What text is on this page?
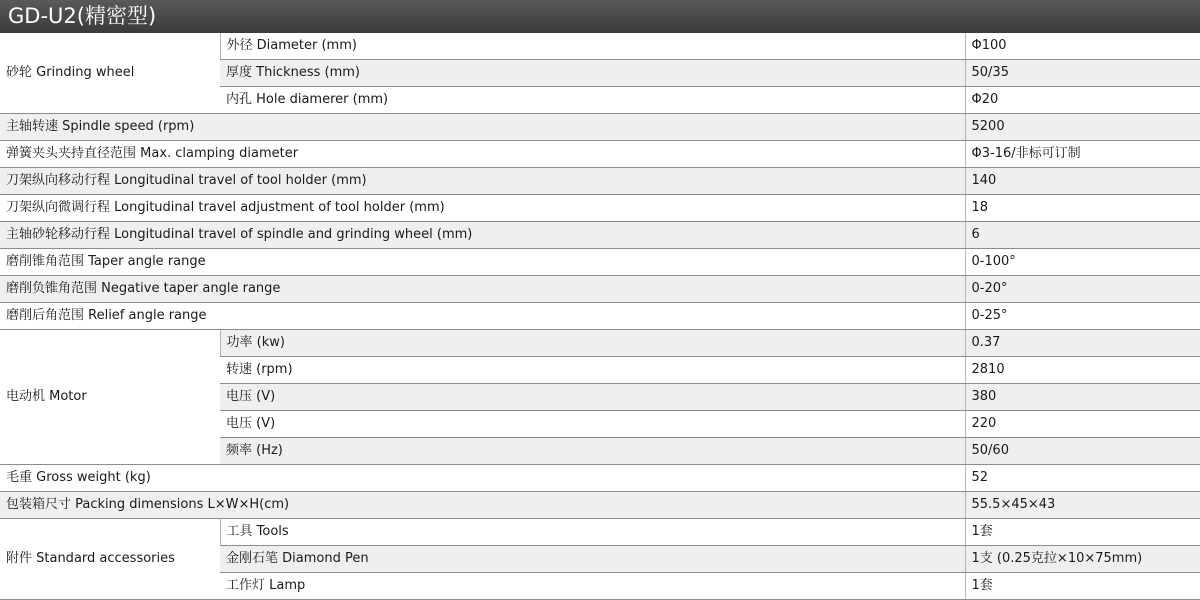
GD-U2(精密型)
砂轮 Grinding wheel	外径 Diameter (mm)	Φ100
	厚度 Thickness (mm)	50/35
	内孔 Hole diamerer (mm)	Φ20
主轴转速 Spindle speed (rpm)		5200
弹簧夹头夹持直径范围 Max. clamping diameter		Φ3-16/非标可订制
刀架纵向移动行程 Longitudinal travel of tool holder (mm)		140
刀架纵向微调行程 Longitudinal travel adjustment of tool holder (mm)		18
主轴砂轮移动行程 Longitudinal travel of spindle and grinding wheel (mm)		6
磨削锥角范围 Taper angle range		0-100°
磨削负锥角范围 Negative taper angle range		0-20°
磨削后角范围 Relief angle range		0-25°
电动机 Motor	功率 (kw)	0.37
	转速 (rpm)	2810
	电压 (V)	380
	电压 (V)	220
	频率 (Hz)	50/60
毛重 Gross weight (kg)		52
包装箱尺寸 Packing dimensions L×W×H(cm)		55.5×45×43
附件 Standard accessories	工具 Tools	1套
	金刚石笔 Diamond Pen	1支 (0.25克拉×10×75mm)
	工作灯 Lamp	1套
